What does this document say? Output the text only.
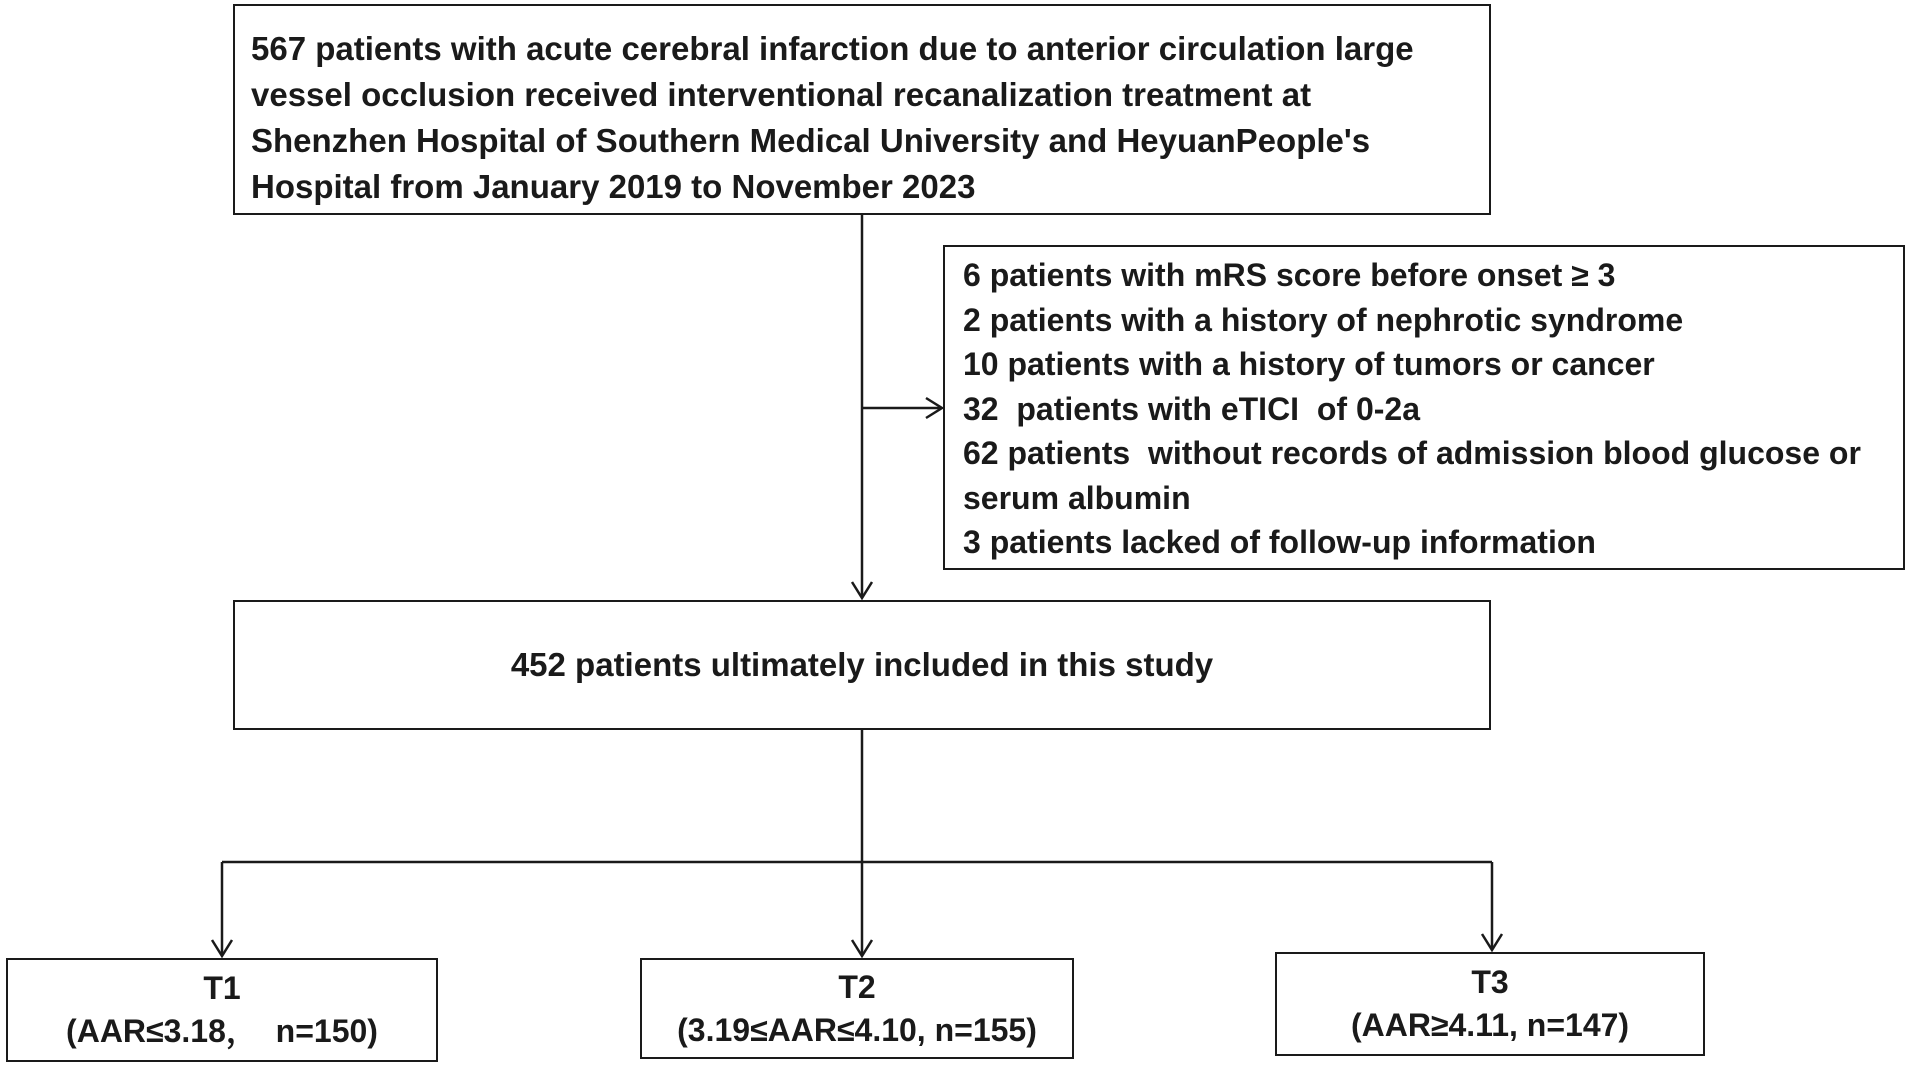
567 patients with acute cerebral infarction due to anterior circulation large vessel occlusion received interventional recanalization treatment at Shenzhen Hospital of Southern Medical University and HeyuanPeople's Hospital from January 2019 to November 2023
6 patients with mRS score before onset ≥ 3
2 patients with a history of nephrotic syndrome
10 patients with a history of tumors or cancer
32  patients with eTICI  of 0-2a
62 patients  without records of admission blood glucose or
serum albumin
3 patients lacked of follow-up information
452 patients ultimately included in this study
T1
(AAR≤3.18，  n=150)
T2
(3.19≤AAR≤4.10, n=155)
T3
(AAR≥4.11, n=147)
